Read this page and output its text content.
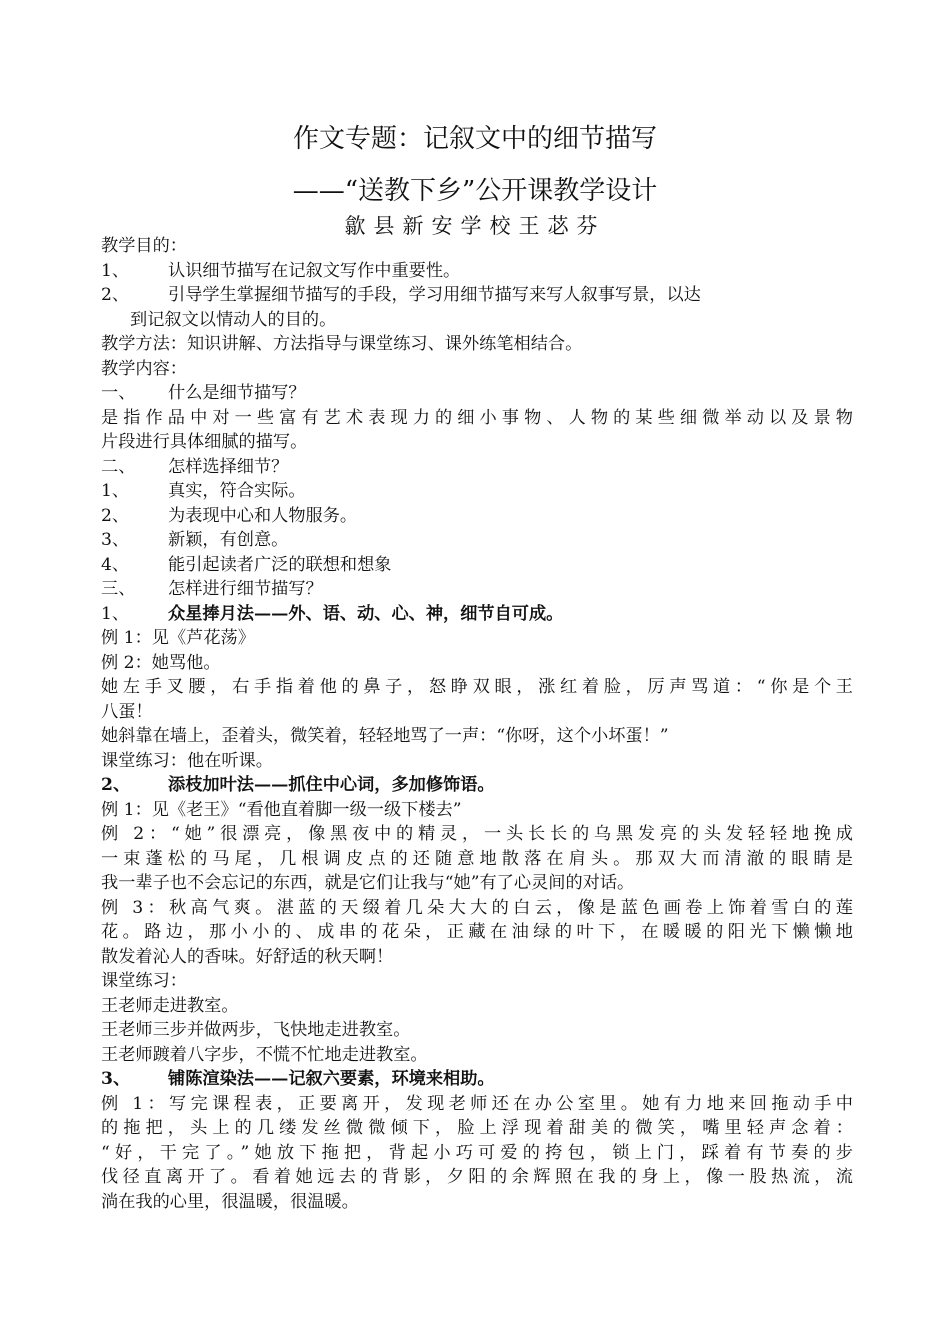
作文专题：记叙文中的细节描写
——“送教下乡”公开课教学设计
歙县新安学校王苾芬
教学目的：
1、 认识细节描写在记叙文写作中重要性。
2、 引导学生掌握细节描写的手段，学习用细节描写来写人叙事写景，以达
到记叙文以情动人的目的。
教学方法：知识讲解、方法指导与课堂练习、课外练笔相结合。
教学内容：
一、 什么是细节描写？
是指作品中对一些富有艺术表现力的细小事物、人物的某些细微举动以及景物
片段进行具体细腻的描写。
二、 怎样选择细节？
1、 真实，符合实际。
2、 为表现中心和人物服务。
3、 新颖，有创意。
4、 能引起读者广泛的联想和想象
三、 怎样进行细节描写？
1、 众星捧月法——外、语、动、心、神，细节自可成。
例 1：见《芦花荡》
例 2：她骂他。
她左手叉腰，右手指着他的鼻子，怒睁双眼，涨红着脸，厉声骂道：“你是个王
八蛋！
她斜靠在墙上，歪着头，微笑着，轻轻地骂了一声：“你呀，这个小坏蛋！”
课堂练习：他在听课。
2、 添枝加叶法——抓住中心词，多加修饰语。
例 1：见《老王》“看他直着脚一级一级下楼去”
例 2：“她”很漂亮，像黑夜中的精灵，一头长长的乌黑发亮的头发轻轻地挽成
一束蓬松的马尾，几根调皮点的还随意地散落在肩头。那双大而清澈的眼睛是
我一辈子也不会忘记的东西，就是它们让我与“她”有了心灵间的对话。
例 3：秋高气爽。湛蓝的天缀着几朵大大的白云，像是蓝色画卷上饰着雪白的莲
花。路边，那小小的、成串的花朵，正藏在油绿的叶下，在暖暖的阳光下懒懒地
散发着沁人的香味。好舒适的秋天啊！
课堂练习：
王老师走进教室。
王老师三步并做两步，飞快地走进教室。
王老师踱着八字步，不慌不忙地走进教室。
3、 铺陈渲染法——记叙六要素，环境来相助。
例 1：写完课程表，正要离开，发现老师还在办公室里。她有力地来回拖动手中
的拖把，头上的几缕发丝微微倾下，脸上浮现着甜美的微笑，嘴里轻声念着：
“好，干完了。”她放下拖把，背起小巧可爱的挎包，锁上门，踩着有节奏的步
伐径直离开了。看着她远去的背影，夕阳的余辉照在我的身上，像一股热流，流
淌在我的心里，很温暖，很温暖。
